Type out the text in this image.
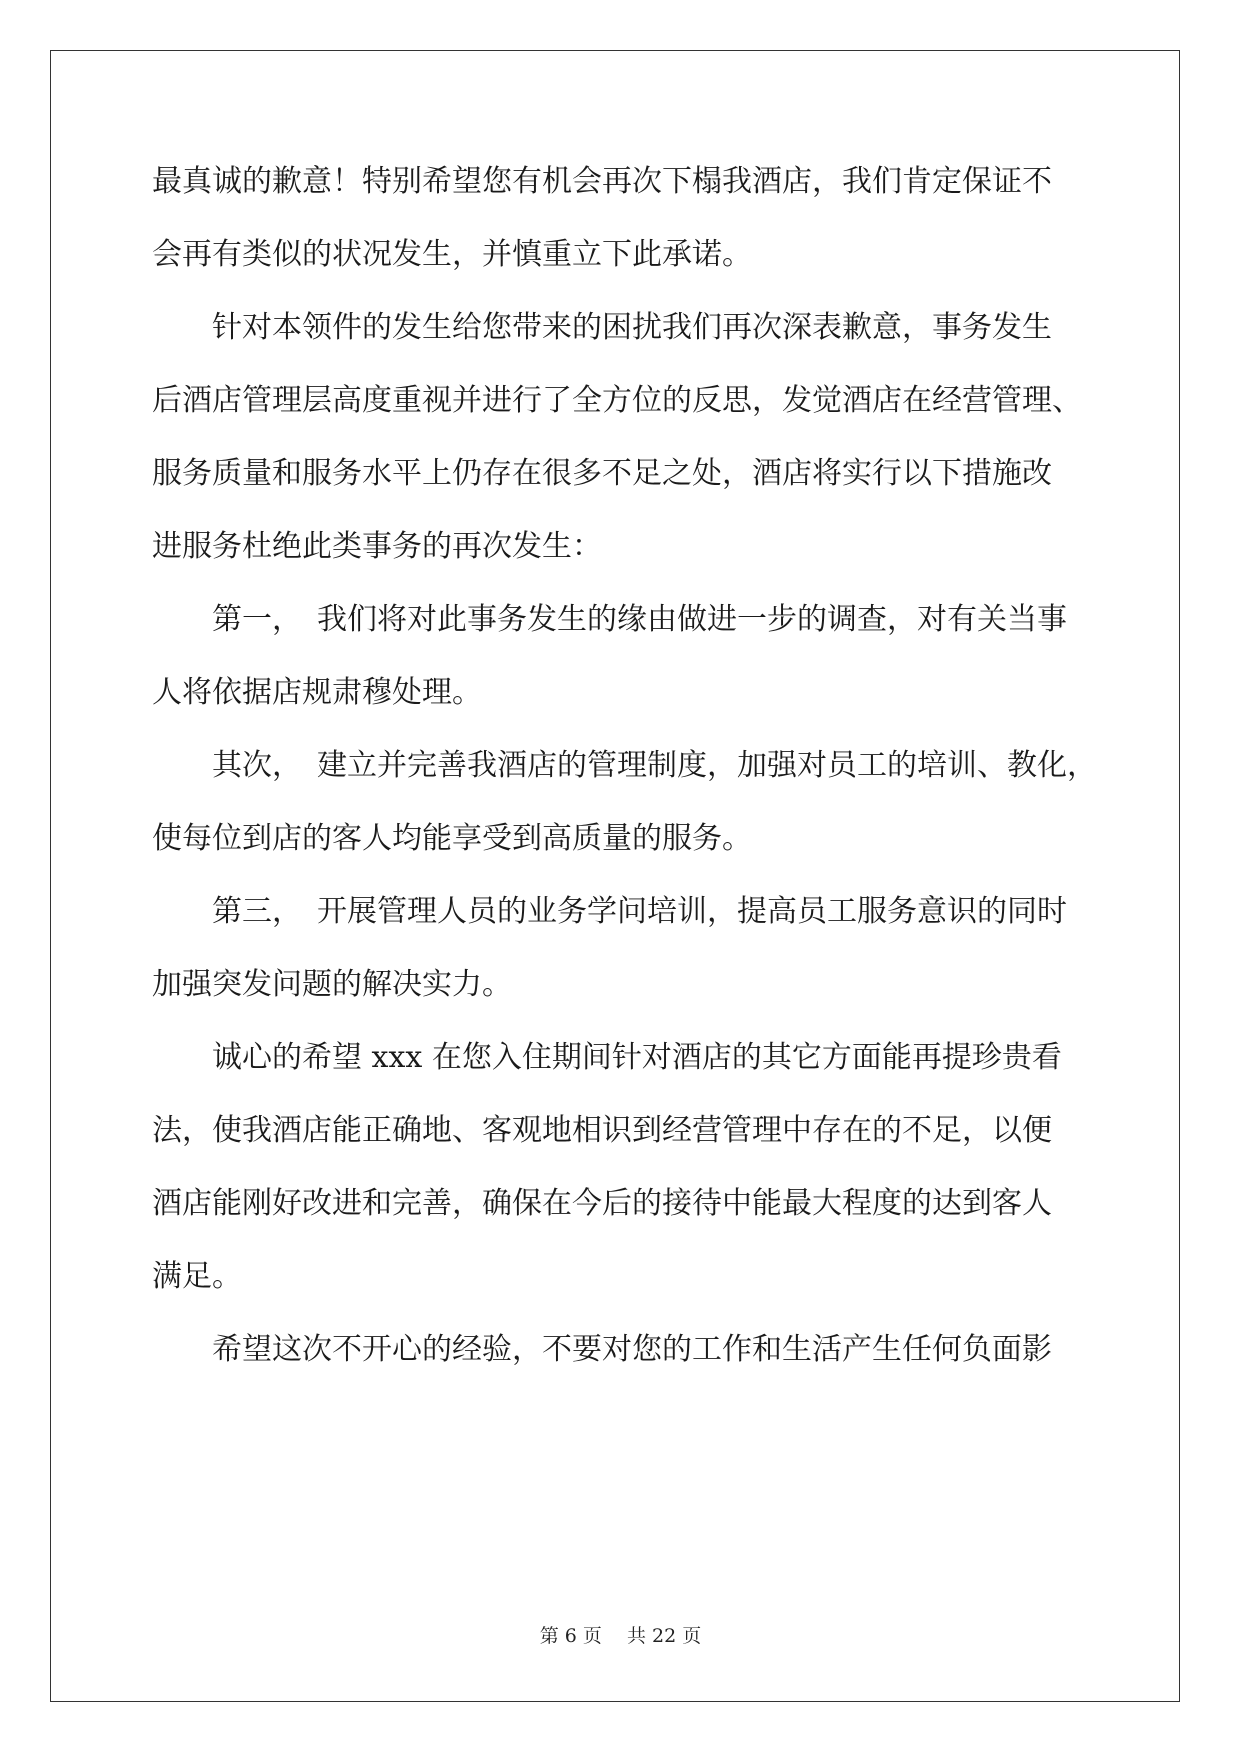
最真诚的歉意！特别希望您有机会再次下榻我酒店，我们肯定保证不
会再有类似的状况发生，并慎重立下此承诺。
　　针对本领件的发生给您带来的困扰我们再次深表歉意，事务发生
后酒店管理层高度重视并进行了全方位的反思，发觉酒店在经营管理、
服务质量和服务水平上仍存在很多不足之处，酒店将实行以下措施改
进服务杜绝此类事务的再次发生：
　　第一，　我们将对此事务发生的缘由做进一步的调查，对有关当事
人将依据店规肃穆处理。
　　其次，　建立并完善我酒店的管理制度，加强对员工的培训、教化，
使每位到店的客人均能享受到高质量的服务。
　　第三，　开展管理人员的业务学问培训，提高员工服务意识的同时
加强突发问题的解决实力。
　　诚心的希望 xxx 在您入住期间针对酒店的其它方面能再提珍贵看
法，使我酒店能正确地、客观地相识到经营管理中存在的不足，以便
酒店能刚好改进和完善，确保在今后的接待中能最大程度的达到客人
满足。
　　希望这次不开心的经验，不要对您的工作和生活产生任何负面影
第 6 页　 共 22 页
